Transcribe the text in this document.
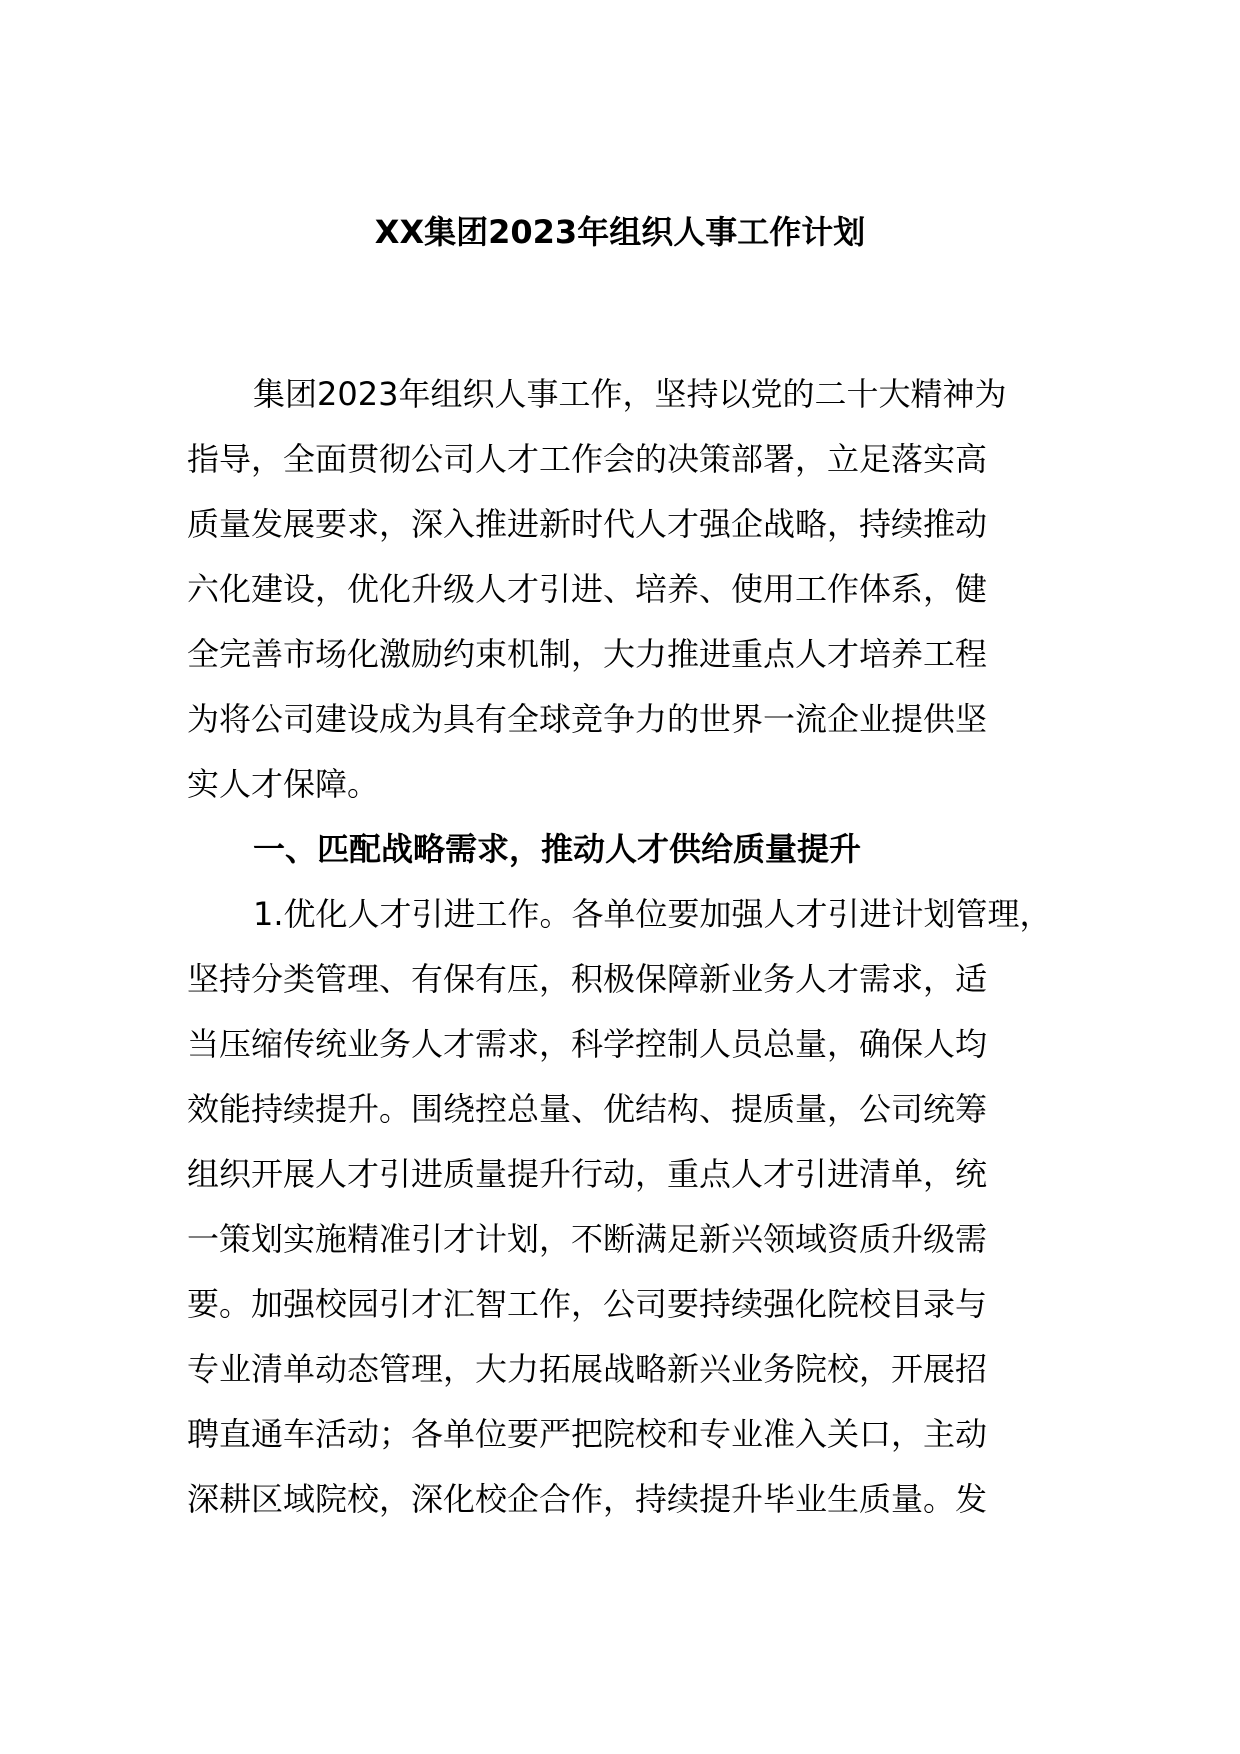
XX集团2023年组织人事工作计划
集团2023年组织人事工作，坚持以党的二十大精神为
指导，全面贯彻公司人才工作会的决策部署，立足落实高
质量发展要求，深入推进新时代人才强企战略，持续推动
六化建设，优化升级人才引进、培养、使用工作体系，健
全完善市场化激励约束机制，大力推进重点人才培养工程
为将公司建设成为具有全球竞争力的世界一流企业提供坚
实人才保障。
一、匹配战略需求，推动人才供给质量提升
1.优化人才引进工作。各单位要加强人才引进计划管理，
坚持分类管理、有保有压，积极保障新业务人才需求，适
当压缩传统业务人才需求，科学控制人员总量，确保人均
效能持续提升。围绕控总量、优结构、提质量，公司统筹
组织开展人才引进质量提升行动，重点人才引进清单，统
一策划实施精准引才计划，不断满足新兴领域资质升级需
要。加强校园引才汇智工作，公司要持续强化院校目录与
专业清单动态管理，大力拓展战略新兴业务院校，开展招
聘直通车活动；各单位要严把院校和专业准入关口，主动
深耕区域院校，深化校企合作，持续提升毕业生质量。发
